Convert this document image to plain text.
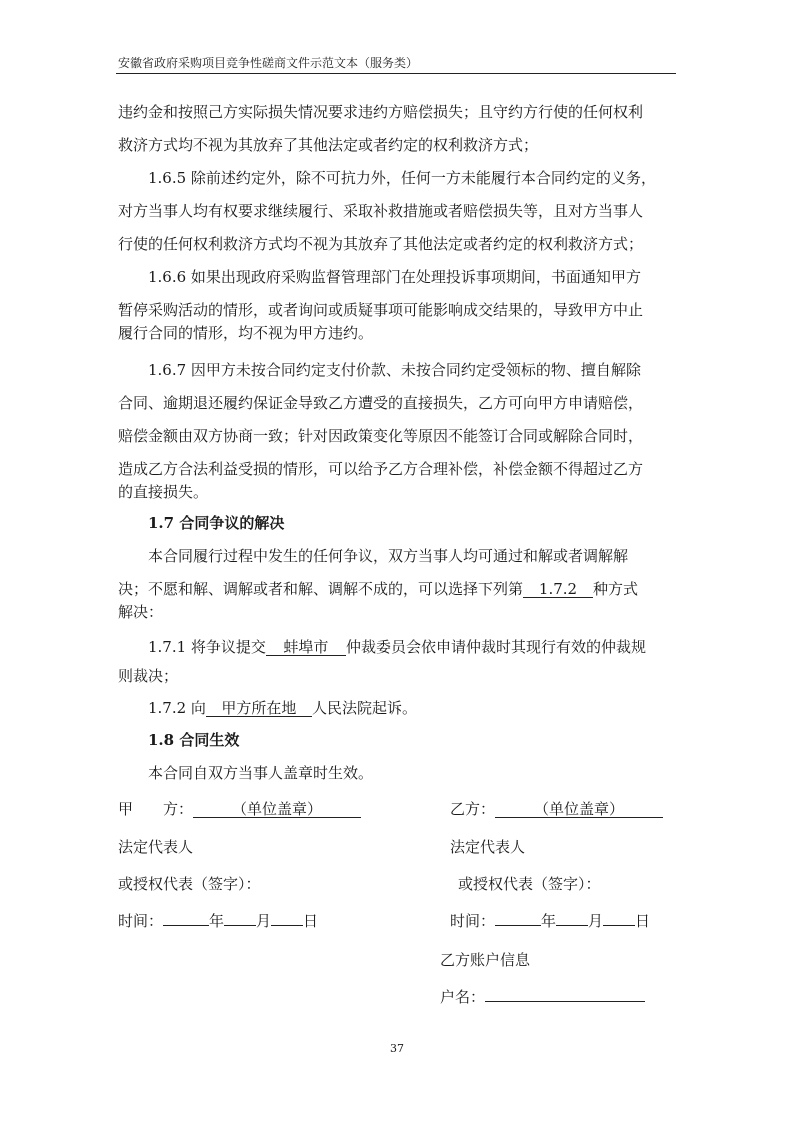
安徽省政府采购项目竞争性磋商文件示范文本（服务类）
违约金和按照己方实际损失情况要求违约方赔偿损失；且守约方行使的任何权利
救济方式均不视为其放弃了其他法定或者约定的权利救济方式；
1.6.5 除前述约定外，除不可抗力外，任何一方未能履行本合同约定的义务，
对方当事人均有权要求继续履行、采取补救措施或者赔偿损失等，且对方当事人
行使的任何权利救济方式均不视为其放弃了其他法定或者约定的权利救济方式；
1.6.6 如果出现政府采购监督管理部门在处理投诉事项期间，书面通知甲方
暂停采购活动的情形，或者询问或质疑事项可能影响成交结果的，导致甲方中止
履行合同的情形，均不视为甲方违约。
1.6.7 因甲方未按合同约定支付价款、未按合同约定受领标的物、擅自解除
合同、逾期退还履约保证金导致乙方遭受的直接损失，乙方可向甲方申请赔偿，
赔偿金额由双方协商一致；针对因政策变化等原因不能签订合同或解除合同时，
造成乙方合法利益受损的情形，可以给予乙方合理补偿，补偿金额不得超过乙方
的直接损失。
1.7 合同争议的解决
本合同履行过程中发生的任何争议，双方当事人均可通过和解或者调解解
决；不愿和解、调解或者和解、调解不成的，可以选择下列第 1.7.2 种方式
解决：
1.7.1 将争议提交 蚌埠市 仲裁委员会依申请仲裁时其现行有效的仲裁规
则裁决；
1.7.2 向 甲方所在地 人民法院起诉。
1.8 合同生效
本合同自双方当事人盖章时生效。
甲　　方：	（单位盖章）	乙方：	（单位盖章）
法定代表人	法定代表人
或授权代表（签字）：	或授权代表（签字）：
时间：	年 月 日	时间：	年 月 日
乙方账户信息
户名：
37
